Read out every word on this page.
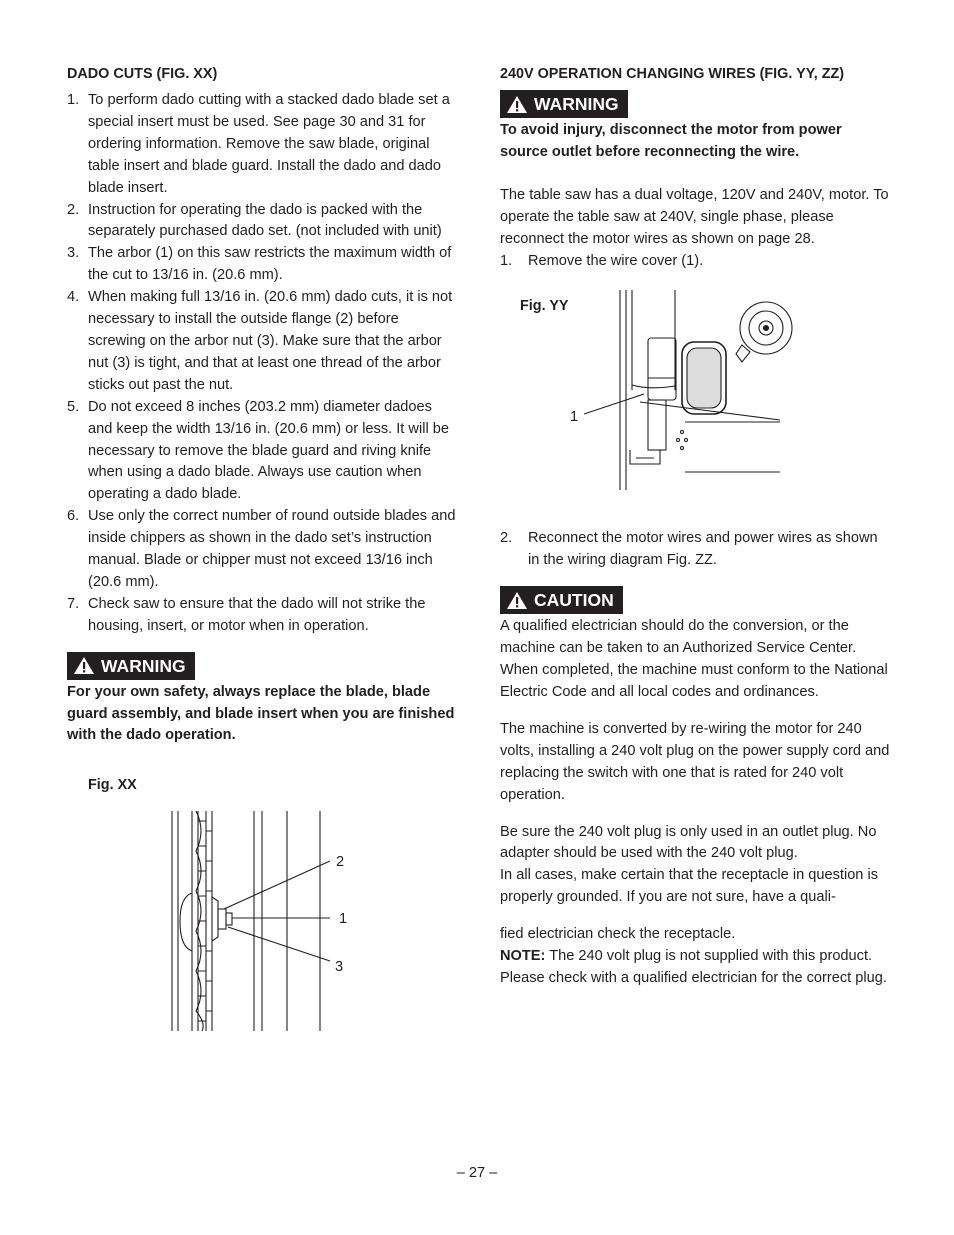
DADO CUTS (FIG. XX)
1. To perform dado cutting with a stacked dado blade set a special insert must be used. See page 30 and 31 for ordering information. Remove the saw blade, original table insert and blade guard. Install the dado and dado blade insert.
2. Instruction for operating the dado is packed with the separately purchased dado set. (not included with unit)
3. The arbor (1) on this saw restricts the maximum width of the cut to 13/16 in. (20.6 mm).
4. When making full 13/16 in. (20.6 mm) dado cuts, it is not necessary to install the outside flange (2) before screwing on the arbor nut (3). Make sure that the arbor nut (3) is tight, and that at least one thread of the arbor sticks out past the nut.
5. Do not exceed 8 inches (203.2 mm) diameter dadoes and keep the width 13/16 in. (20.6 mm) or less. It will be necessary to remove the blade guard and riving knife when using a dado blade. Always use caution when operating a dado blade.
6. Use only the correct number of round outside blades and inside chippers as shown in the dado set’s instruction manual. Blade or chipper must not exceed 13/16 inch (20.6 mm).
7. Check saw to ensure that the dado will not strike the housing, insert, or motor when in operation.
WARNING

For your own safety, always replace the blade, blade guard assembly, and blade insert when you are finished with the dado operation.

Fig. XX
2
1
3
240V OPERATION CHANGING WIRES (FIG. YY, ZZ)
WARNING

To avoid injury, disconnect the motor from power source outlet before reconnecting the wire.

The table saw has a dual voltage, 120V and 240V, motor. To operate the table saw at 240V, single phase, please reconnect the motor wires as shown on page 28.

1. Remove the wire cover (1).
Fig. YY
1
2. Reconnect the motor wires and power wires as shown in the wiring diagram Fig. ZZ.
CAUTION

A qualified electrician should do the conversion, or the machine can be taken to an Authorized Service Center. When completed, the machine must conform to the National Electric Code and all local codes and ordinances.

The machine is converted by re-wiring the motor for 240 volts, installing a 240 volt plug on the power supply cord and replacing the switch with one that is rated for 240 volt operation.

Be sure the 240 volt plug is only used in an outlet plug. No adapter should be used with the 240 volt plug.

In all cases, make certain that the receptacle in question is properly grounded. If you are not sure, have a quali-

fied electrician check the receptacle.

NOTE: The 240 volt plug is not supplied with this product. Please check with a qualified electrician for the correct plug.

– 27 –
